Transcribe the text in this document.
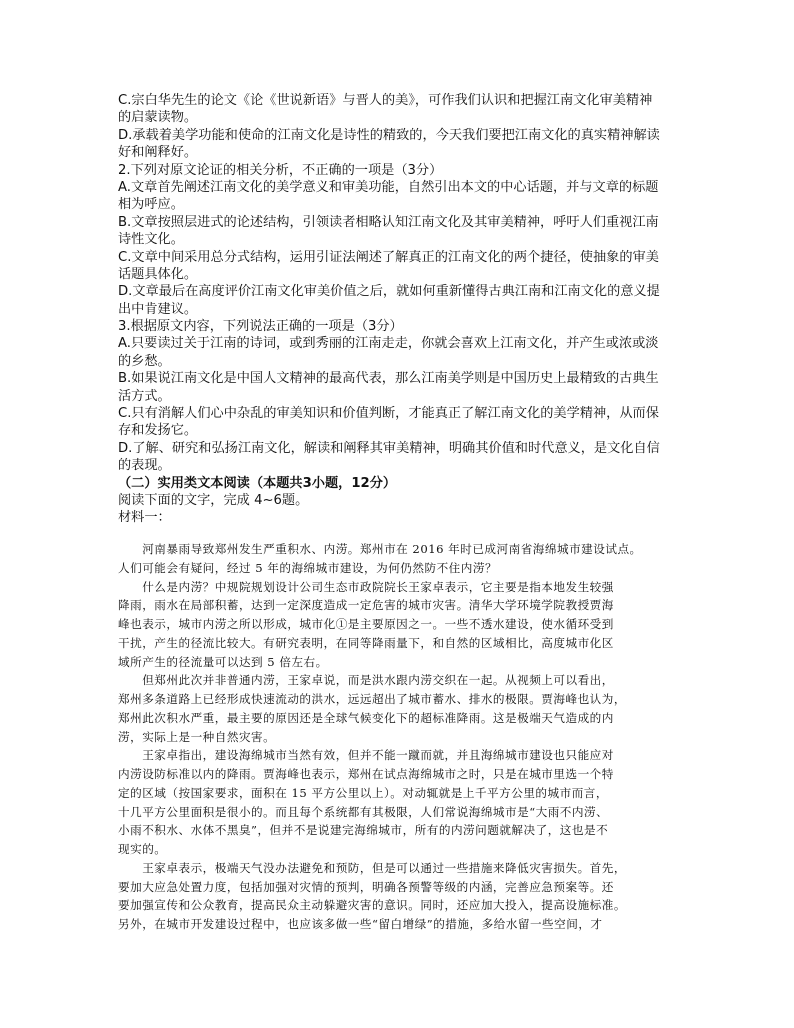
C.宗白华先生的论文《论《世说新语》与晋人的美》，可作我们认识和把握江南文化审美精神
的启蒙读物。
D.承载着美学功能和使命的江南文化是诗性的精致的，今天我们要把江南文化的真实精神解读
好和阐释好。
2.下列对原文论证的相关分析，不正确的一项是（3分）
A.文章首先阐述江南文化的美学意义和审美功能，自然引出本文的中心话题，并与文章的标题
相为呼应。
B.文章按照层进式的论述结构，引领读者相略认知江南文化及其审美精神，呼吁人们重视江南
诗性文化。
C.文章中间采用总分式结构，运用引证法阐述了解真正的江南文化的两个捷径，使抽象的审美
话题具体化。
D.文章最后在高度评价江南文化审美价值之后，就如何重新懂得古典江南和江南文化的意义提
出中肯建议。
3.根据原文内容，下列说法正确的一项是（3分）
A.只要读过关于江南的诗词，或到秀丽的江南走走，你就会喜欢上江南文化，并产生或浓或淡
的乡愁。
B.如果说江南文化是中国人文精神的最高代表，那么江南美学则是中国历史上最精致的古典生
活方式。
C.只有消解人们心中杂乱的审美知识和价值判断，才能真正了解江南文化的美学精神，从而保
存和发扬它。
D.了解、研究和弘扬江南文化，解读和阐释其审美精神，明确其价值和时代意义，是文化自信
的表现。
（二）实用类文本阅读（本题共3小题，12分）
阅读下面的文字，完成 4~6题。
材料一：
　　河南暴雨导致郑州发生严重积水、内涝。郑州市在 2016 年时已成河南省海绵城市建设试点。
人们可能会有疑问，经过 5 年的海绵城市建设，为何仍然防不住内涝？
　　什么是内涝？中规院规划设计公司生态市政院院长王家卓表示，它主要是指本地发生较强
降雨，雨水在局部积蓄，达到一定深度造成一定危害的城市灾害。清华大学环境学院教授贾海
峰也表示，城市内涝之所以形成，城市化①是主要原因之一。一些不透水建设，使水循环受到
干扰，产生的径流比较大。有研究表明，在同等降雨量下，和自然的区域相比，高度城市化区
域所产生的径流量可以达到 5 倍左右。
　　但郑州此次并非普通内涝，王家卓说，而是洪水跟内涝交织在一起。从视频上可以看出，
郑州多条道路上已经形成快速流动的洪水，远远超出了城市蓄水、排水的极限。贾海峰也认为，
郑州此次积水严重，最主要的原因还是全球气候变化下的超标准降雨。这是极端天气造成的内
涝，实际上是一种自然灾害。
　　王家卓指出，建设海绵城市当然有效，但并不能一蹴而就，并且海绵城市建设也只能应对
内涝设防标准以内的降雨。贾海峰也表示，郑州在试点海绵城市之时，只是在城市里选一个特
定的区域（按国家要求，面积在 15 平方公里以上）。对动辄就是上千平方公里的城市而言，
十几平方公里面积是很小的。而且每个系统都有其极限，人们常说海绵城市是“大雨不内涝、
小雨不积水、水体不黑臭”，但并不是说建完海绵城市，所有的内涝问题就解决了，这也是不
现实的。
　　王家卓表示，极端天气没办法避免和预防，但是可以通过一些措施来降低灾害损失。首先，
要加大应急处置力度，包括加强对灾情的预判，明确各预警等级的内涵，完善应急预案等。还
要加强宣传和公众教育，提高民众主动躲避灾害的意识。同时，还应加大投入，提高设施标准。
另外，在城市开发建设过程中，也应该多做一些“留白增绿”的措施，多给水留一些空间，才
